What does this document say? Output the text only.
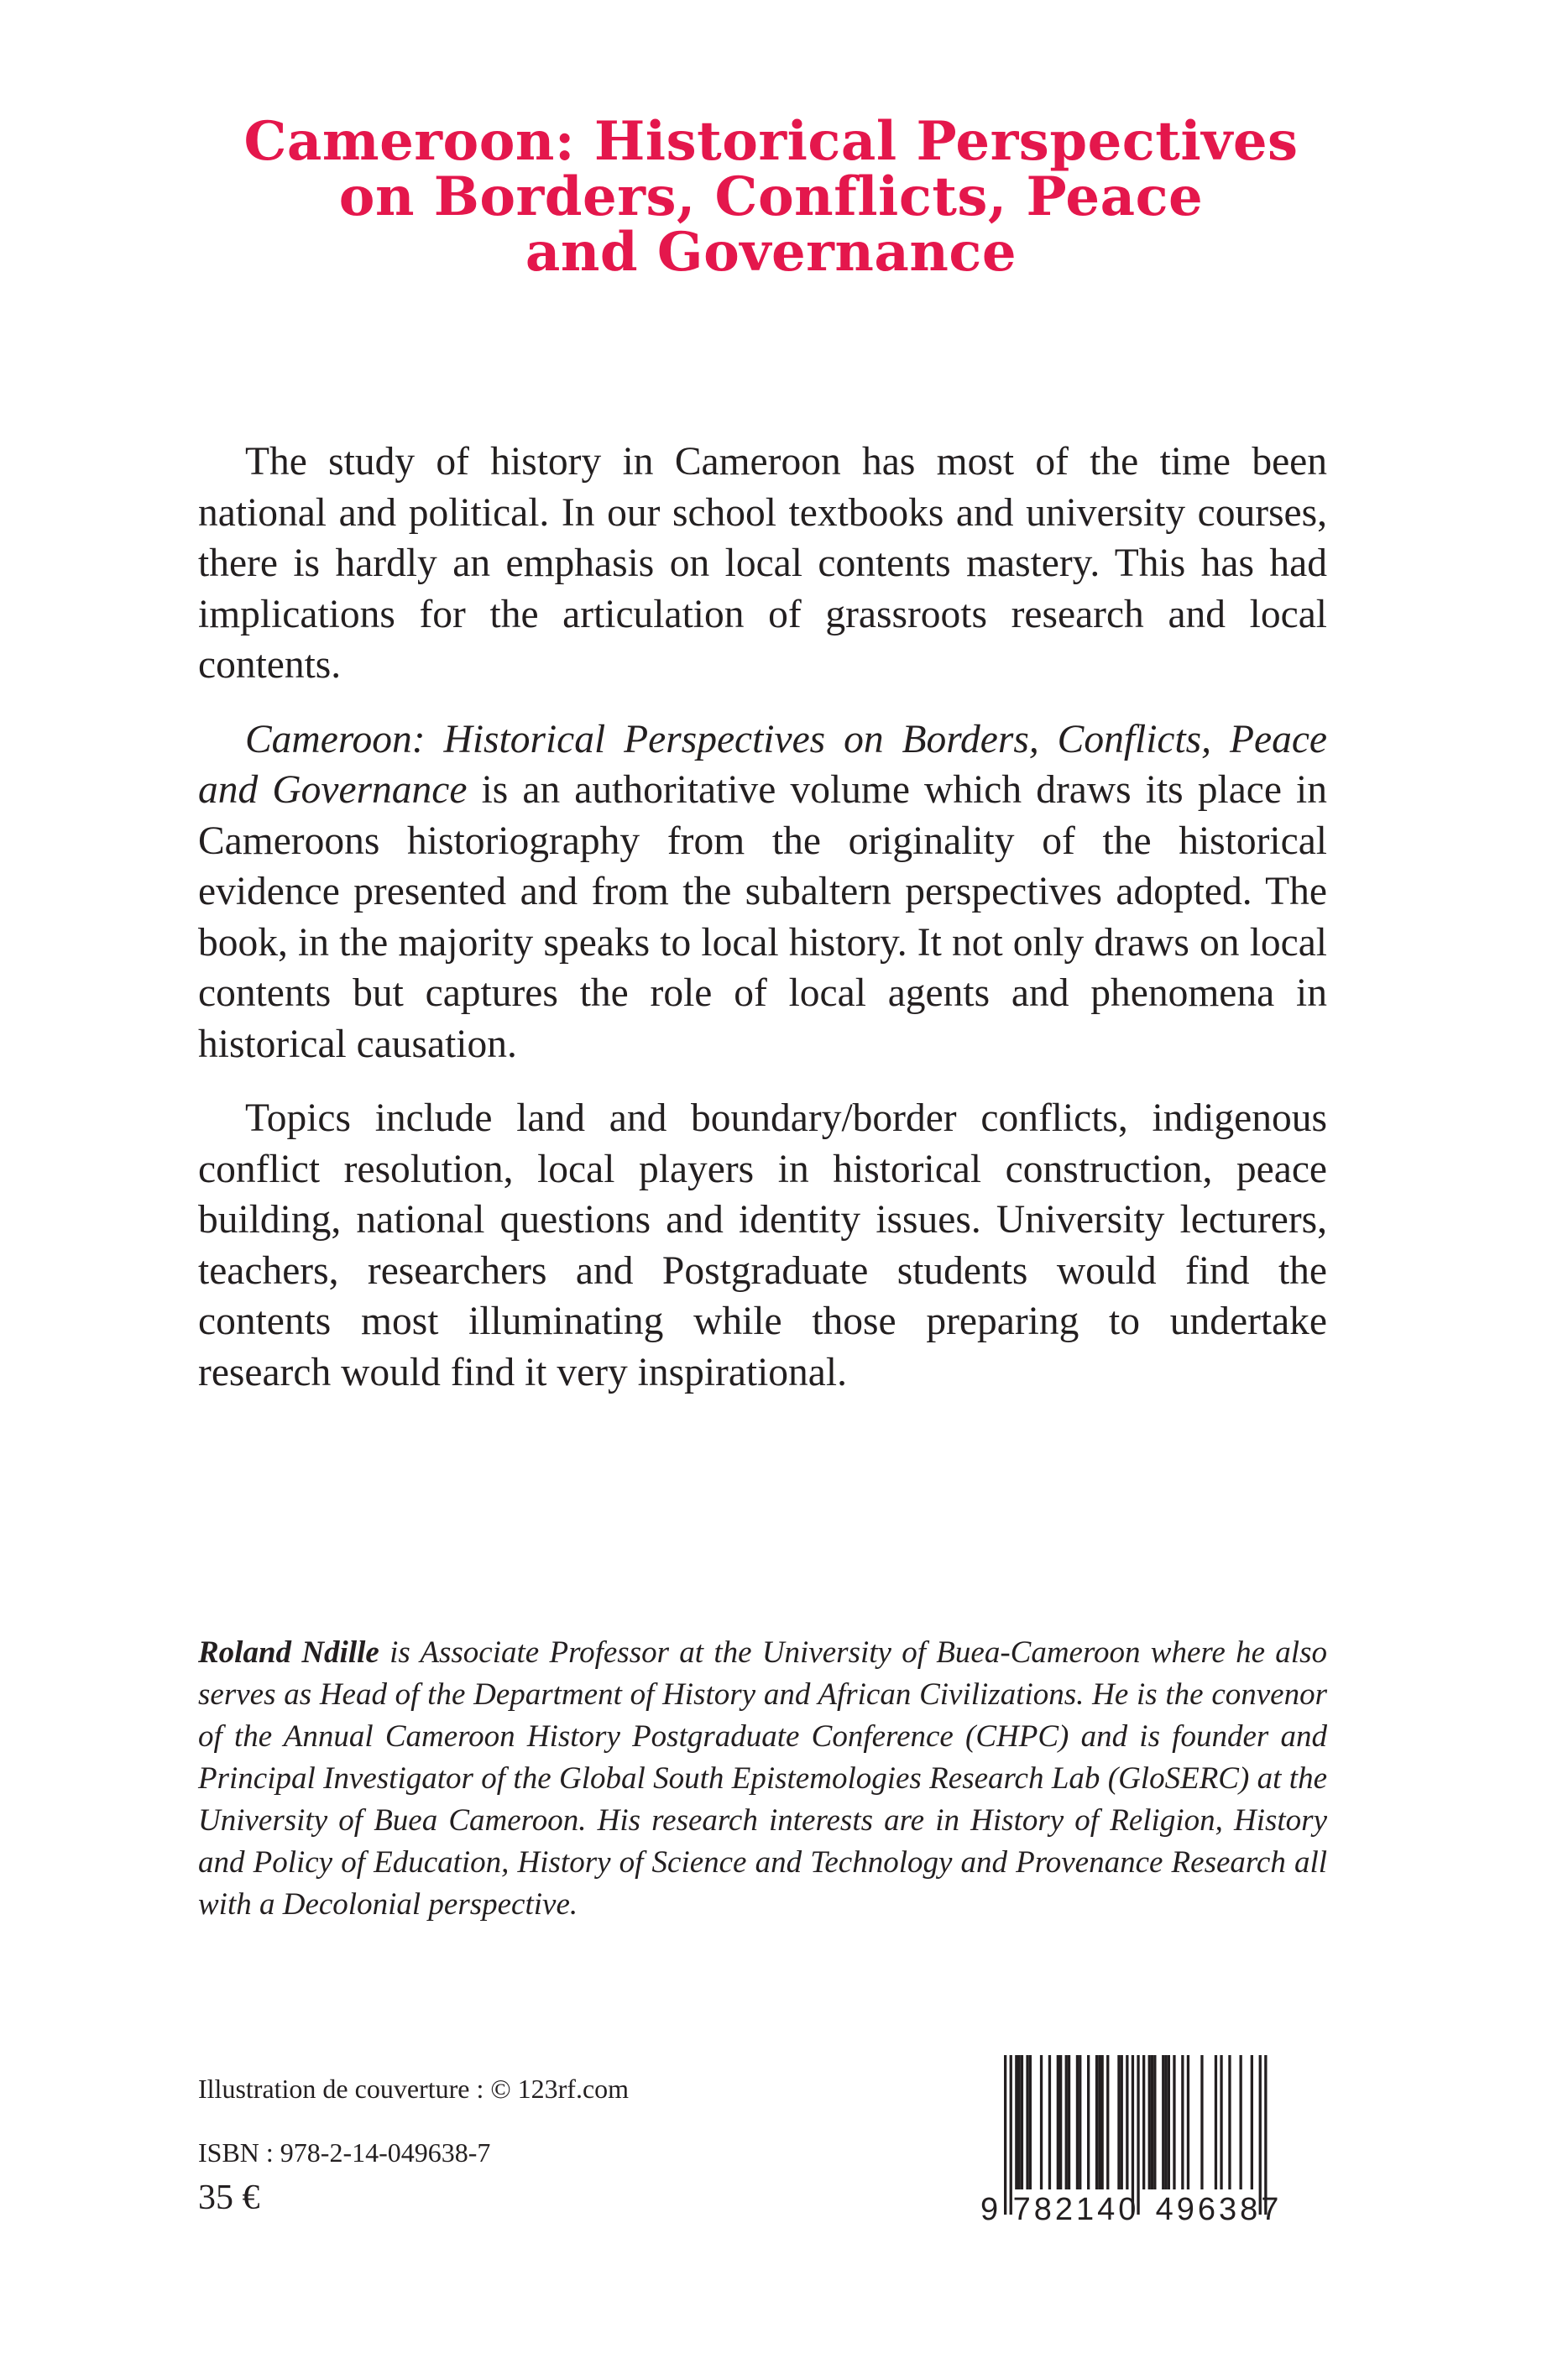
Cameroon: Historical Perspectives
on Borders, Conflicts, Peace
and Governance

The study of history in Cameroon has most of the time been national and political. In our school textbooks and university courses, there is hardly an emphasis on local contents mastery. This has had implications for the articulation of grassroots research and local contents.

Cameroon: Historical Perspectives on Borders, Conflicts, Peace and Governance is an authoritative volume which draws its place in Cameroons historiography from the originality of the historical evidence presented and from the subaltern perspectives adopted. The book, in the majority speaks to local history. It not only draws on local contents but captures the role of local agents and phenomena in historical causation.

Topics include land and boundary/border conflicts, indigenous conflict resolution, local players in historical construction, peace building, national questions and identity issues. University lecturers, teachers, researchers and Postgraduate students would find the contents most illuminating while those preparing to undertake research would find it very inspirational.

Roland Ndille is Associate Professor at the University of Buea-Cameroon where he also serves as Head of the Department of History and African Civilizations. He is the convenor of the Annual Cameroon History Postgraduate Conference (CHPC) and is founder and Principal Investigator of the Global South Epistemologies Research Lab (GloSERC) at the University of Buea Cameroon. His research interests are in History of Religion, History and Policy of Education, History of Science and Technology and Provenance Research all with a Decolonial perspective.

Illustration de couverture : © 123rf.com
ISBN : 978-2-14-049638-7
35 €	9 782140 496387
